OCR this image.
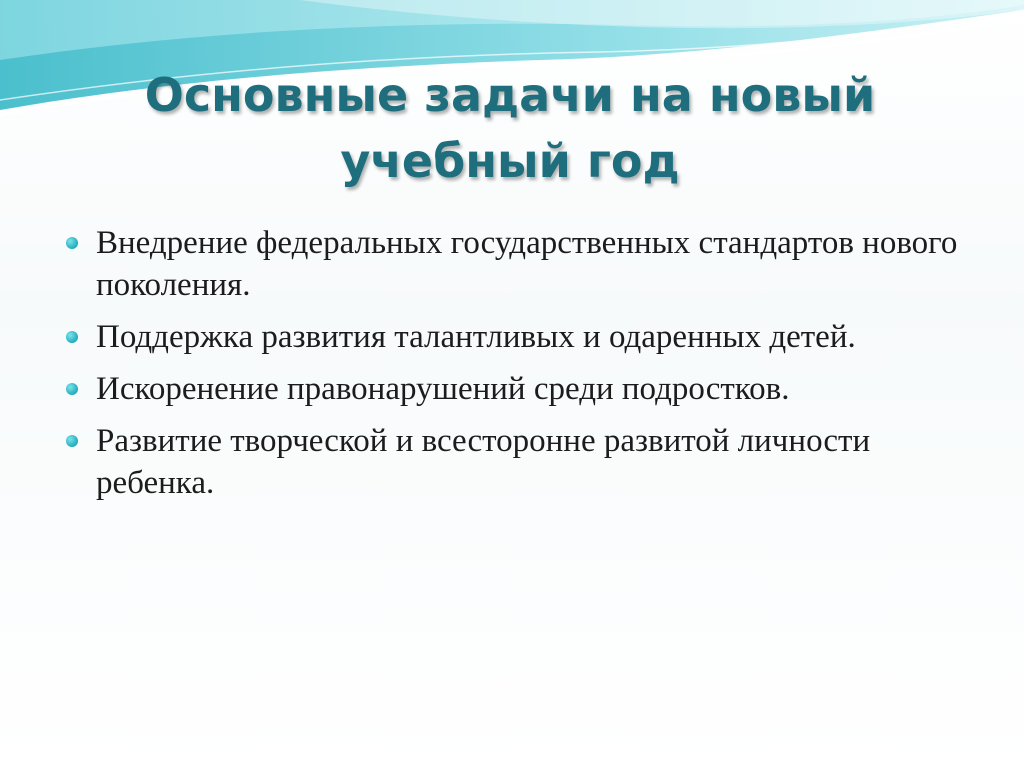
Основные задачи на новый
учебный год
Внедрение федеральных государственных стандартов нового поколения.
Поддержка развития талантливых и одаренных детей.
Искоренение правонарушений среди подростков.
Развитие творческой и всесторонне развитой личности ребенка.
